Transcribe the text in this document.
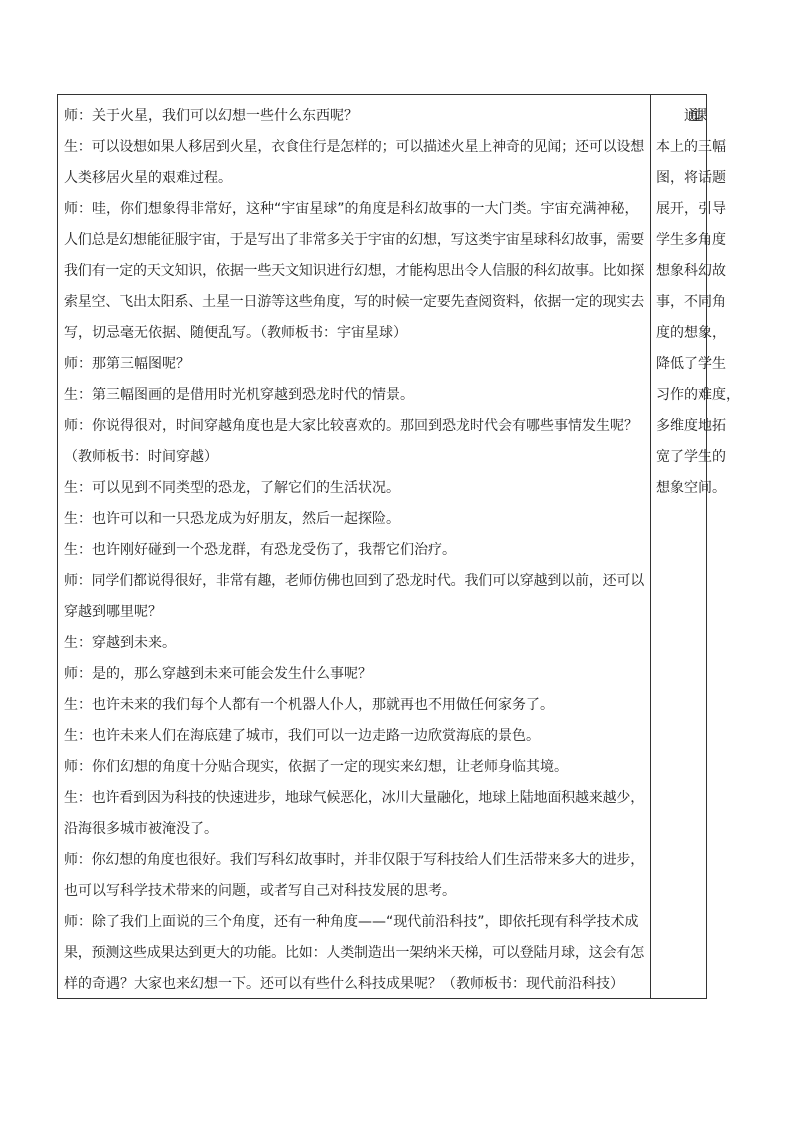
师：关于火星，我们可以幻想一些什么东西呢？

生：可以设想如果人移居到火星，衣食住行是怎样的；可以描述火星上神奇的见闻；还可以设想
人类移居火星的艰难过程。

师：哇，你们想象得非常好，这种“宇宙星球”的角度是科幻故事的一大门类。宇宙充满神秘，
人们总是幻想能征服宇宙，于是写出了非常多关于宇宙的幻想，写这类宇宙星球科幻故事，需要
我们有一定的天文知识，依据一些天文知识进行幻想，才能构思出令人信服的科幻故事。比如探
索星空、飞出太阳系、土星一日游等这些角度，写的时候一定要先查阅资料，依据一定的现实去
写，切忌毫无依据、随便乱写。（教师板书：宇宙星球）

师：那第三幅图呢？

生：第三幅图画的是借用时光机穿越到恐龙时代的情景。

师：你说得很对，时间穿越角度也是大家比较喜欢的。那回到恐龙时代会有哪些事情发生呢？
（教师板书：时间穿越）

生：可以见到不同类型的恐龙，了解它们的生活状况。

生：也许可以和一只恐龙成为好朋友，然后一起探险。

生：也许刚好碰到一个恐龙群，有恐龙受伤了，我帮它们治疗。

师：同学们都说得很好，非常有趣，老师仿佛也回到了恐龙时代。我们可以穿越到以前，还可以
穿越到哪里呢？

生：穿越到未来。

师：是的，那么穿越到未来可能会发生什么事呢？

生：也许未来的我们每个人都有一个机器人仆人，那就再也不用做任何家务了。

生：也许未来人们在海底建了城市，我们可以一边走路一边欣赏海底的景色。

师：你们幻想的角度十分贴合现实，依据了一定的现实来幻想，让老师身临其境。

生：也许看到因为科技的快速进步，地球气候恶化，冰川大量融化，地球上陆地面积越来越少，
沿海很多城市被淹没了。

师：你幻想的角度也很好。我们写科幻故事时，并非仅限于写科技给人们生活带来多大的进步，
也可以写科学技术带来的问题，或者写自己对科技发展的思考。

师：除了我们上面说的三个角度，还有一种角度——“现代前沿科技”，即依托现有科学技术成
果，预测这些成果达到更大的功能。比如：人类制造出一架纳米天梯，可以登陆月球，这会有怎
样的奇遇？大家也来幻想一下。还可以有些什么科技成果呢？（教师板书：现代前沿科技）

通过课
本上的三幅
图，将话题
展开，引导
学生多角度
想象科幻故
事，不同角
度的想象，
降低了学生
习作的难度，
多维度地拓
宽了学生的
想象空间。
